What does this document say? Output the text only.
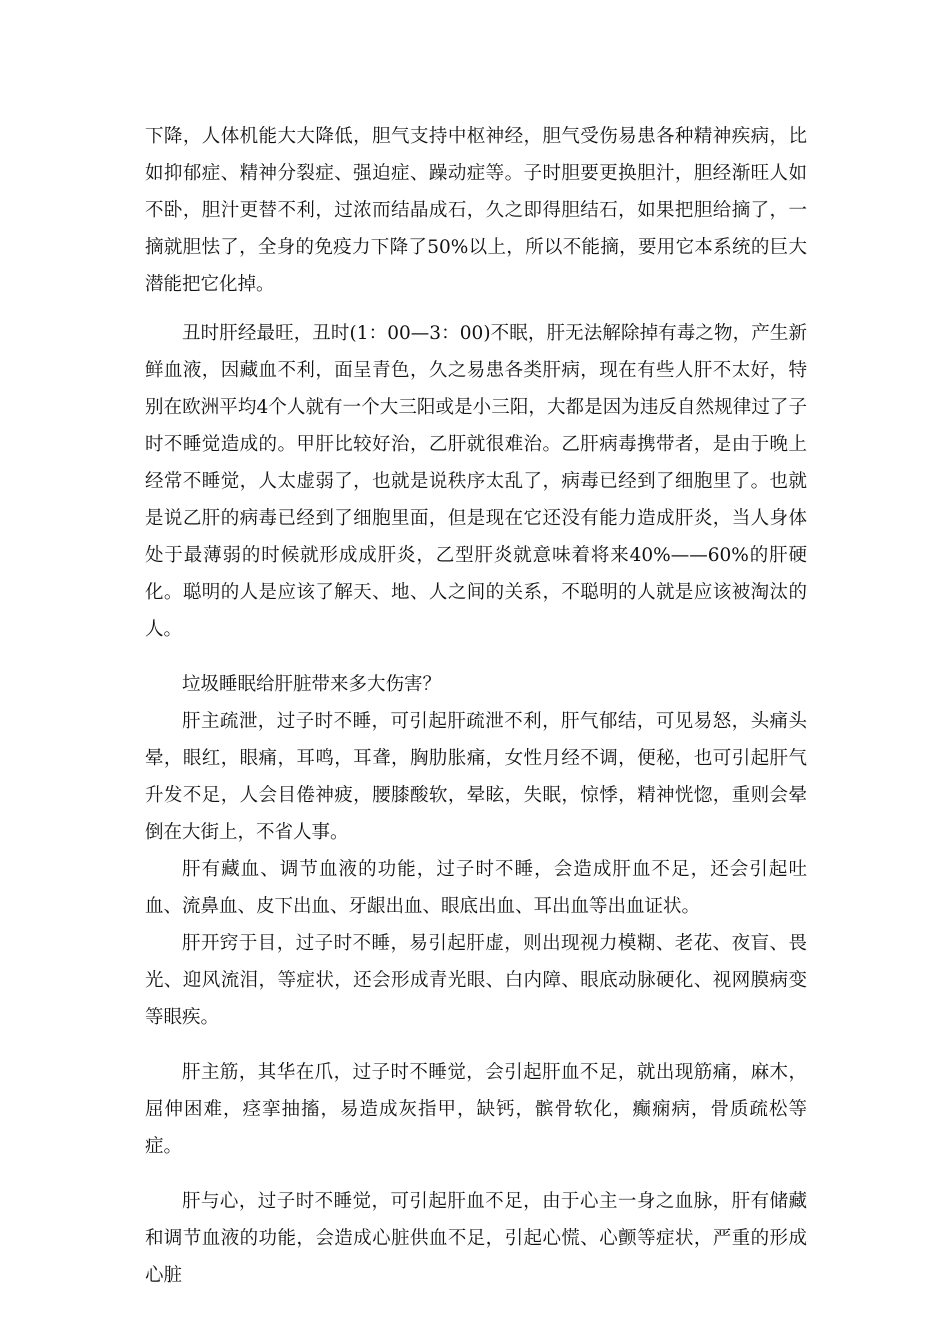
下降，人体机能大大降低，胆气支持中枢神经，胆气受伤易患各种精神疾病，比如抑郁症、精神分裂症、强迫症、躁动症等。子时胆要更换胆汁，胆经渐旺人如不卧，胆汁更替不利，过浓而结晶成石，久之即得胆结石，如果把胆给摘了，一摘就胆怯了，全身的免疫力下降了50%以上，所以不能摘，要用它本系统的巨大潜能把它化掉。

丑时肝经最旺，丑时(1：00—3：00)不眠，肝无法解除掉有毒之物，产生新鲜血液，因藏血不利，面呈青色，久之易患各类肝病，现在有些人肝不太好，特别在欧洲平均4个人就有一个大三阳或是小三阳，大都是因为违反自然规律过了子时不睡觉造成的。甲肝比较好治，乙肝就很难治。乙肝病毒携带者，是由于晚上经常不睡觉，人太虚弱了，也就是说秩序太乱了，病毒已经到了细胞里了。也就是说乙肝的病毒已经到了细胞里面，但是现在它还没有能力造成肝炎，当人身体处于最薄弱的时候就形成成肝炎，乙型肝炎就意味着将来40%——60%的肝硬化。聪明的人是应该了解天、地、人之间的关系，不聪明的人就是应该被淘汰的人。

垃圾睡眠给肝脏带来多大伤害？

肝主疏泄，过子时不睡，可引起肝疏泄不利，肝气郁结，可见易怒，头痛头晕，眼红，眼痛，耳鸣，耳聋，胸肋胀痛，女性月经不调，便秘，也可引起肝气升发不足，人会目倦神疲，腰膝酸软，晕眩，失眠，惊悸，精神恍惚，重则会晕倒在大街上，不省人事。

肝有藏血、调节血液的功能，过子时不睡，会造成肝血不足，还会引起吐血、流鼻血、皮下出血、牙龈出血、眼底出血、耳出血等出血证状。

肝开窍于目，过子时不睡，易引起肝虚，则出现视力模糊、老花、夜盲、畏光、迎风流泪，等症状，还会形成青光眼、白内障、眼底动脉硬化、视网膜病变等眼疾。

肝主筋，其华在爪，过子时不睡觉，会引起肝血不足，就出现筋痛，麻木，屈伸困难，痉挛抽搐，易造成灰指甲，缺钙，髌骨软化，癫痫病，骨质疏松等症。

肝与心，过子时不睡觉，可引起肝血不足，由于心主一身之血脉，肝有储藏和调节血液的功能，会造成心脏供血不足，引起心慌、心颤等症状，严重的形成心脏
